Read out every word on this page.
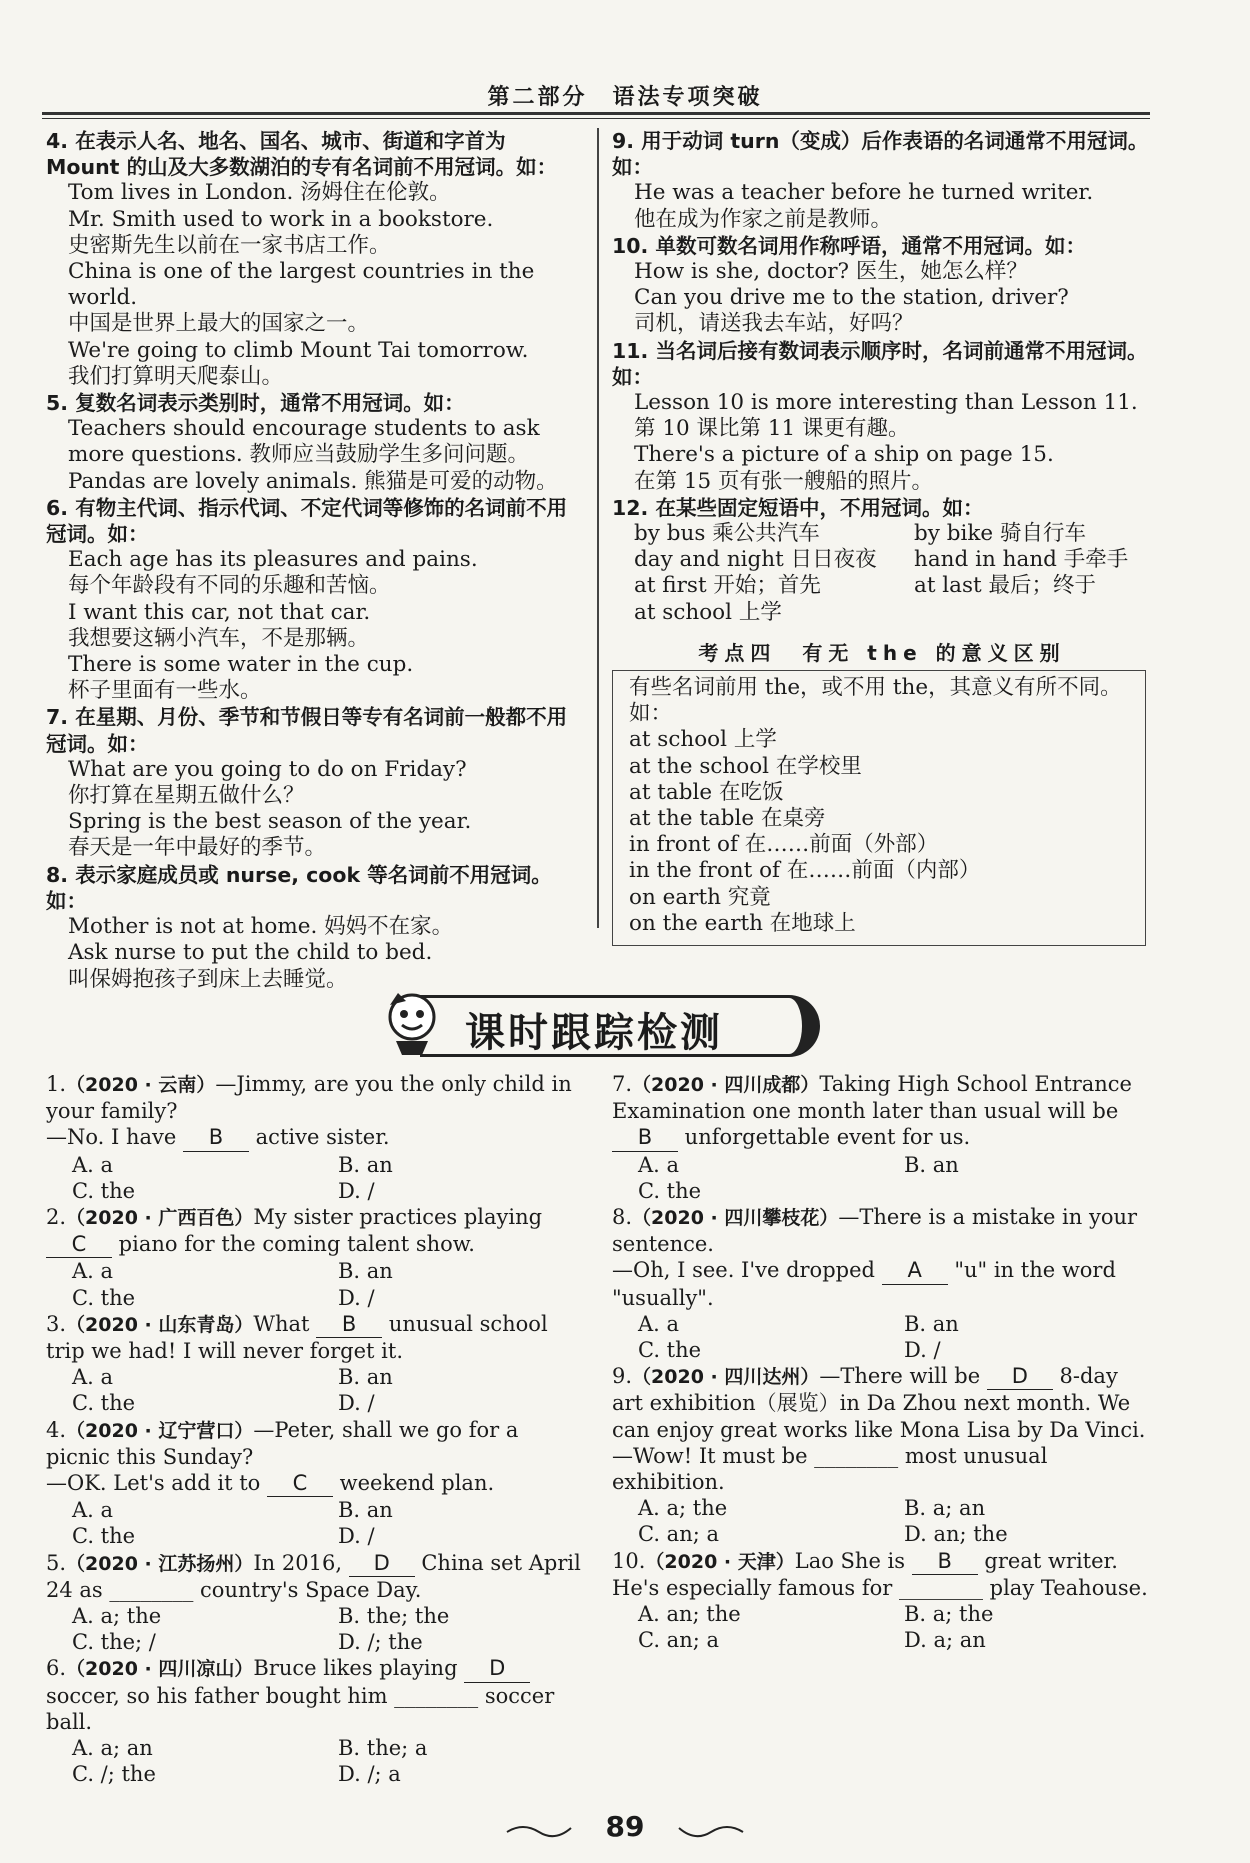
第二部分　语法专项突破

4. 在表示人名、地名、国名、城市、街道和字首为 Mount 的山及大多数湖泊的专有名词前不用冠词。如：

Tom lives in London. 汤姆住在伦敦。

Mr. Smith used to work in a bookstore.

史密斯先生以前在一家书店工作。

China is one of the largest countries in the world.

中国是世界上最大的国家之一。

We're going to climb Mount Tai tomorrow.

我们打算明天爬泰山。

5. 复数名词表示类别时，通常不用冠词。如：

Teachers should encourage students to ask more questions. 教师应当鼓励学生多问问题。

Pandas are lovely animals. 熊猫是可爱的动物。

6. 有物主代词、指示代词、不定代词等修饰的名词前不用冠词。如：

Each age has its pleasures and pains.

每个年龄段有不同的乐趣和苦恼。

I want this car, not that car.

我想要这辆小汽车，不是那辆。

There is some water in the cup.

杯子里面有一些水。

7. 在星期、月份、季节和节假日等专有名词前一般都不用冠词。如：

What are you going to do on Friday?

你打算在星期五做什么？

Spring is the best season of the year.

春天是一年中最好的季节。

8. 表示家庭成员或 nurse, cook 等名词前不用冠词。如：

Mother is not at home. 妈妈不在家。

Ask nurse to put the child to bed.

叫保姆抱孩子到床上去睡觉。

9. 用于动词 turn（变成）后作表语的名词通常不用冠词。如：

He was a teacher before he turned writer.

他在成为作家之前是教师。

10. 单数可数名词用作称呼语，通常不用冠词。如：

How is she, doctor? 医生，她怎么样？

Can you drive me to the station, driver?

司机，请送我去车站，好吗？

11. 当名词后接有数词表示顺序时，名词前通常不用冠词。如：

Lesson 10 is more interesting than Lesson 11.

第 10 课比第 11 课更有趣。

There's a picture of a ship on page 15.

在第 15 页有张一艘船的照片。

12. 在某些固定短语中，不用冠词。如：

by bus 乘公共汽车	by bike 骑自行车
day and night 日日夜夜	hand in hand 手牵手
at first 开始；首先	at last 最后；终于
at school 上学
考点四　有无 the 的意义区别

有些名词前用 the，或不用 the，其意义有所不同。如：

at school 上学

at the school 在学校里

at table 在吃饭

at the table 在桌旁

in front of 在……前面（外部）

in the front of 在……前面（内部）

on earth 究竟

on the earth 在地球上

课时跟踪检测

1.（2020 · 云南）—Jimmy, are you the only child in your family?

—No. I have B active sister.

A. a	B. an
C. the	D. /

2.（2020 · 广西百色）My sister practices playingC piano for the coming talent show.

A. a	B. an
C. the	D. /

3.（2020 · 山东青岛）What B unusual school trip we had! I will never forget it.

A. a	B. an
C. the	D. /

4.（2020 · 辽宁营口）—Peter, shall we go for a picnic this Sunday?

—OK. Let's add it to C weekend plan.

A. a	B. an
C. the	D. /

5.（2020 · 江苏扬州）In 2016, D China set April 24 as ________ country's Space Day.

A. a; the	B. the; the
C. the; /	D. /; the

6.（2020 · 四川凉山）Bruce likes playing D soccer, so his father bought him ________ soccer ball.

A. a; an	B. the; a
C. /; the	D. /; a

7.（2020 · 四川成都）Taking High School Entrance Examination one month later than usual will beB unforgettable event for us.

A. a	B. an
C. the

8.（2020 · 四川攀枝花）—There is a mistake in your sentence.

—Oh, I see. I've dropped A "u" in the word "usually".

A. a	B. an
C. the	D. /

9.（2020 · 四川达州）—There will be D 8-day art exhibition（展览）in Da Zhou next month. We can enjoy great works like Mona Lisa by Da Vinci. —Wow! It must be ________ most unusual exhibition.

A. a; the	B. a; an
C. an; a	D. an; the

10.（2020 · 天津）Lao She is B great writer. He's especially famous for ________ play Teahouse.

A. an; the	B. a; the
C. an; a	D. a; an
89
